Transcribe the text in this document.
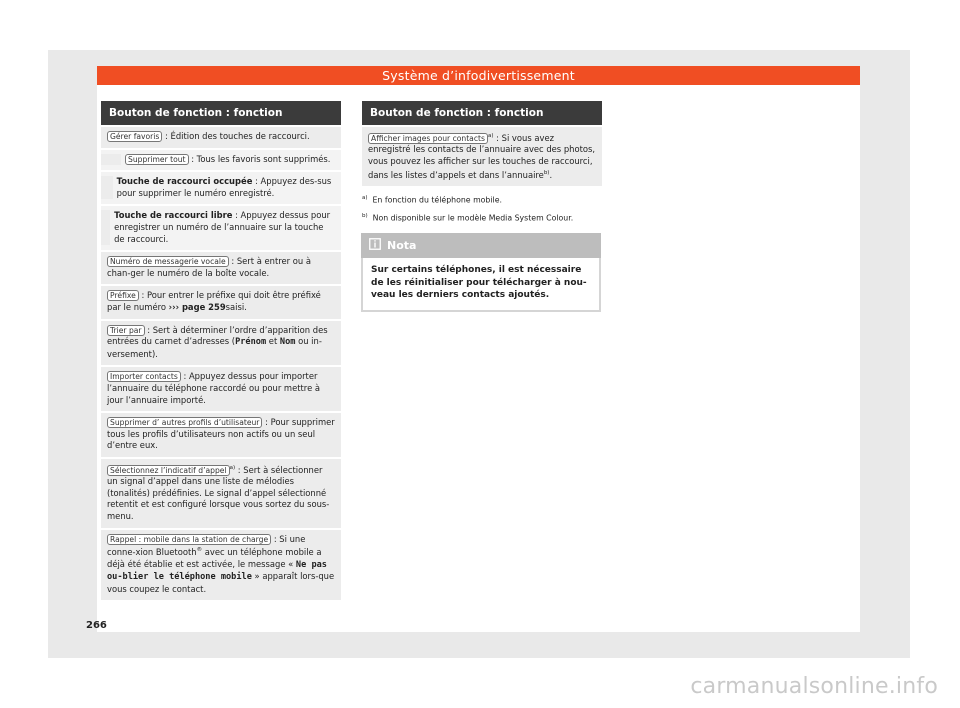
Système d’infodivertissement
Bouton de fonction : fonction
Gérer favoris : Édition des touches de raccourci.
Supprimer tout : Tous les favoris sont supprimés.
Touche de raccourci occupée : Appuyez des-sus pour supprimer le numéro enregistré.
Touche de raccourci libre : Appuyez dessus pour enregistrer un numéro de l’annuaire sur la touche de raccourci.
Numéro de messagerie vocale : Sert à entrer ou à chan-ger le numéro de la boîte vocale.
Préfixe : Pour entrer le préfixe qui doit être préfixé par le numéro ››› page 259saisi.
Trier par : Sert à déterminer l’ordre d’apparition des entrées du carnet d’adresses (Prénom et Nom ou in-versement).
Importer contacts : Appuyez dessus pour importer l’annuaire du téléphone raccordé ou pour mettre à jour l’annuaire importé.
Supprimer d’ autres profils d’utilisateur : Pour supprimer tous les profils d’utilisateurs non actifs ou un seul d’entre eux.
Sélectionnez l’indicatif d’appel $^{a)}$ : Sert à sélectionner un signal d’appel dans une liste de mélodies (tonalités) prédéfinies. Le signal d’appel sélectionné retentit et est configuré lorsque vous sortez du sous-menu.
Rappel : mobile dans la station de charge : Si une conne-xion Bluetooth® avec un téléphone mobile a déjà été établie et est activée, le message « Ne pas ou-blier le téléphone mobile » apparaît lors-que vous coupez le contact.
Bouton de fonction : fonction
Afficher images pour contacts $^{a)}$ : Si vous avez enregistré les contacts de l’annuaire avec des photos, vous pouvez les afficher sur les touches de raccourci, dans les listes d’appels et dans l’annuaire$^{b)}$.
$^{a)}$ En fonction du téléphone mobile.
$^{b)}$ Non disponible sur le modèle Media System Colour.
Nota
Sur certains téléphones, il est nécessaire de les réinitialiser pour télécharger à nou-veau les derniers contacts ajoutés.
266
carmanualsonline.info
